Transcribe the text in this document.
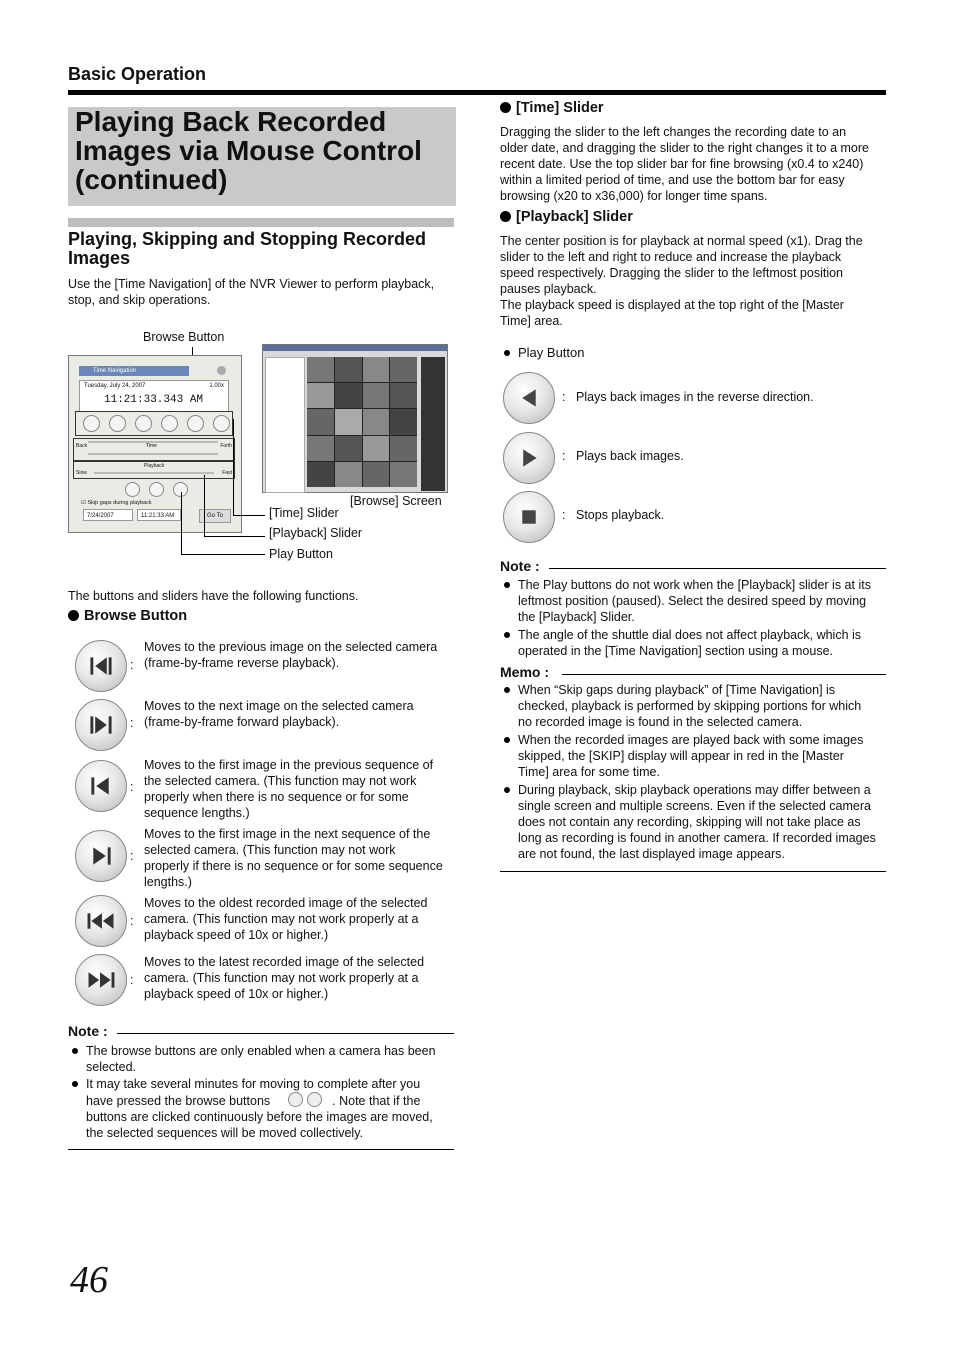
Basic Operation
Playing Back Recorded
Images via Mouse Control
(continued)
Playing, Skipping and Stopping Recorded Images
Use the [Time Navigation] of the NVR Viewer to perform playback,
stop, and skip operations.
Browse Button
Time Navigation
Tuesday, July 24, 2007	1.00x
11:21:33.343 AM
Back	Time	Forth
Playback
Slow	Fast
☑ Skip gaps during playback
7/24/2007	11:21:33 AM	Go To
[Browse] Screen
[Time] Slider
[Playback] Slider
Play Button
The buttons and sliders have the following functions.
Browse Button
:
Moves to the previous image on the selected camera
(frame-by-frame reverse playback).
:
Moves to the next image on the selected camera
(frame-by-frame forward playback).
:
Moves to the first image in the previous sequence of
the selected camera. (This function may not work
properly when there is no sequence or for some
sequence lengths.)
:
Moves to the first image in the next sequence of the
selected camera. (This function may not work
properly if there is no sequence or for some sequence
lengths.)
:
Moves to the oldest recorded image of the selected
camera. (This function may not work properly at a
playback speed of 10x or higher.)
:
Moves to the latest recorded image of the selected
camera. (This function may not work properly at a
playback speed of 10x or higher.)
Note :
The browse buttons are only enabled when a camera has been
selected.
It may take several minutes for moving to complete after you
have pressed the browse buttons	. Note that if the
buttons are clicked continuously before the images are moved,
the selected sequences will be moved collectively.
[Time] Slider
Dragging the slider to the left changes the recording date to an
older date, and dragging the slider to the right changes it to a more
recent date. Use the top slider bar for fine browsing (x0.4 to x240)
within a limited period of time, and use the bottom bar for easy
browsing (x20 to x36,000) for longer time spans.
[Playback] Slider
The center position is for playback at normal speed (x1). Drag the
slider to the left and right to reduce and increase the playback
speed respectively. Dragging the slider to the leftmost position
pauses playback.
The playback speed is displayed at the top right of the [Master
Time] area.
Play Button
: Plays back images in the reverse direction.
: Plays back images.
: Stops playback.
Note :
The Play buttons do not work when the [Playback] slider is at its
leftmost position (paused). Select the desired speed by moving
the [Playback] Slider.
The angle of the shuttle dial does not affect playback, which is
operated in the [Time Navigation] section using a mouse.
Memo :
When “Skip gaps during playback” of [Time Navigation] is
checked, playback is performed by skipping portions for which
no recorded image is found in the selected camera.
When the recorded images are played back with some images
skipped, the [SKIP] display will appear in red in the [Master
Time] area for some time.
During playback, skip playback operations may differ between a
single screen and multiple screens. Even if the selected camera
does not contain any recording, skipping will not take place as
long as recording is found in another camera. If recorded images
are not found, the last displayed image appears.
46
